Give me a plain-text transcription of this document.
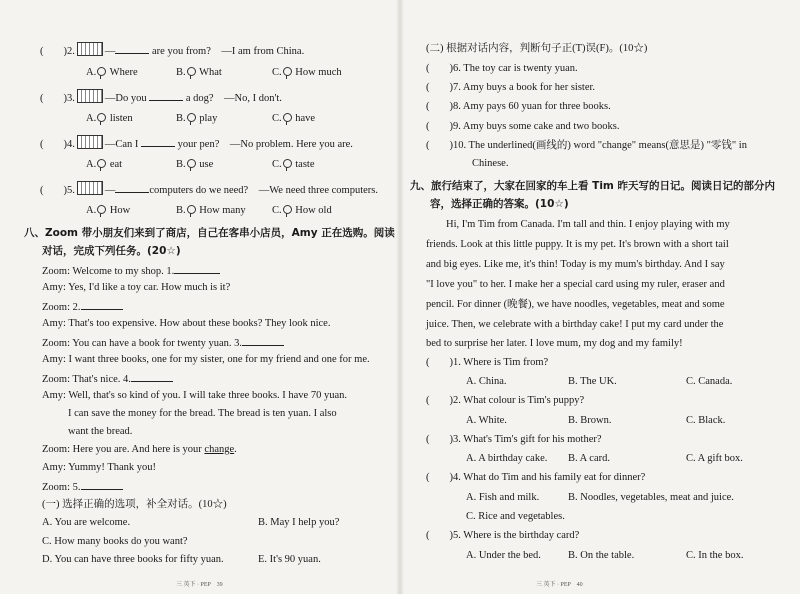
( )2.	—	are you from?　—I am from China.
A. Where	B. What	C. How much
( )3.	—Do you	a dog?　—No, I don't.
A. listen	B. play	C. have
( )4.	—Can I	your pen?　—No problem. Here you are.
A. eat	B. use	C. taste
( )5.	—	computers do we need?　—We need three computers.
A. How	B. How many	C. How old
八、Zoom 带小朋友们来到了商店，自己在客串小店员，Amy 正在选购。阅读
对话，完成下列任务。(20☆)
Zoom: Welcome to my shop. 1.
Amy: Yes, I'd like a toy car. How much is it?
Zoom: 2.
Amy: That's too expensive. How about these books? They look nice.
Zoom: You can have a book for twenty yuan. 3.
Amy: I want three books, one for my sister, one for my friend and one for me.
Zoom: That's nice. 4.
Amy: Well, that's so kind of you. I will take three books. I have 70 yuan.
I can save the money for the bread. The bread is ten yuan. I also
want the bread.
Zoom: Here you are. And here is your change.
Amy: Yummy! Thank you!
Zoom: 5.
(一) 选择正确的选项，补全对话。(10☆)
A. You are welcome.	B. May I help you?
C. How many books do you want?
D. You can have three books for fifty yuan.	E. It's 90 yuan.
三 英下 · PEP　39
(二) 根据对话内容，判断句子正(T)误(F)。(10☆)
( )6. The toy car is twenty yuan.
( )7. Amy buys a book for her sister.
( )8. Amy pays 60 yuan for three books.
( )9. Amy buys some cake and two books.
( )10. The underlined(画线的) word "change" means(意思是) "零钱" in
Chinese.
九、旅行结束了，大家在回家的车上看 Tim 昨天写的日记。阅读日记的部分内
容，选择正确的答案。(10☆)
Hi, I'm Tim from Canada. I'm tall and thin. I enjoy playing with my
friends. Look at this little puppy. It is my pet. It's brown with a short tail
and big eyes. Like me, it's thin! Today is my mum's birthday. And I say
"I love you" to her. I make her a special card using my ruler, eraser and
pencil. For dinner (晚餐), we have noodles, vegetables, meat and some
juice. Then, we celebrate with a birthday cake! I put my card under the
bed to surprise her later. I love mum, my dog and my family!
( )1. Where is Tim from?
A. China.	B. The UK.	C. Canada.
( )2. What colour is Tim's puppy?
A. White.	B. Brown.	C. Black.
( )3. What's Tim's gift for his mother?
A. A birthday cake. B. A card.	C. A gift box.
( )4. What do Tim and his family eat for dinner?
A. Fish and milk.	B. Noodles, vegetables, meat and juice.
C. Rice and vegetables.
( )5. Where is the birthday card?
A. Under the bed.	B. On the table.	C. In the box.
三 英下 · PEP　40
